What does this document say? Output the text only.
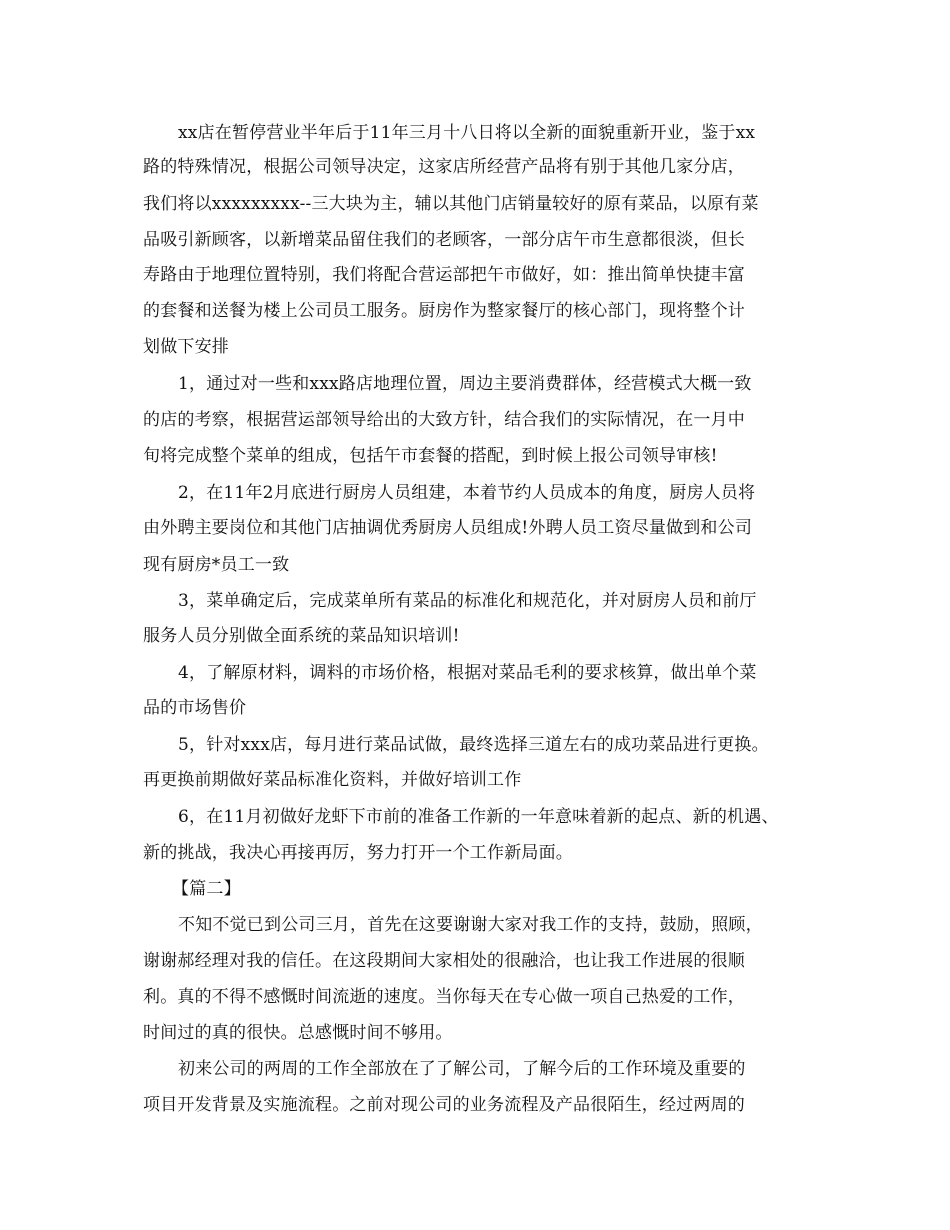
xx店在暂停营业半年后于11年三月十八日将以全新的面貌重新开业，鉴于xx
路的特殊情况，根据公司领导决定，这家店所经营产品将有别于其他几家分店，
我们将以xxxxxxxxx--三大块为主，辅以其他门店销量较好的原有菜品，以原有菜
品吸引新顾客，以新增菜品留住我们的老顾客，一部分店午市生意都很淡，但长
寿路由于地理位置特别，我们将配合营运部把午市做好，如：推出简单快捷丰富
的套餐和送餐为楼上公司员工服务。厨房作为整家餐厅的核心部门，现将整个计
划做下安排
1，通过对一些和xxx路店地理位置，周边主要消费群体，经营模式大概一致
的店的考察，根据营运部领导给出的大致方针，结合我们的实际情况，在一月中
旬将完成整个菜单的组成，包括午市套餐的搭配，到时候上报公司领导审核!
2，在11年2月底进行厨房人员组建，本着节约人员成本的角度，厨房人员将
由外聘主要岗位和其他门店抽调优秀厨房人员组成!外聘人员工资尽量做到和公司
现有厨房*员工一致
3，菜单确定后，完成菜单所有菜品的标准化和规范化，并对厨房人员和前厅
服务人员分别做全面系统的菜品知识培训!
4，了解原材料，调料的市场价格，根据对菜品毛利的要求核算，做出单个菜
品的市场售价
5，针对xxx店，每月进行菜品试做，最终选择三道左右的成功菜品进行更换。
再更换前期做好菜品标准化资料，并做好培训工作
6，在11月初做好龙虾下市前的准备工作新的一年意味着新的起点、新的机遇、
新的挑战，我决心再接再厉，努力打开一个工作新局面。
【篇二】
不知不觉已到公司三月，首先在这要谢谢大家对我工作的支持，鼓励，照顾，
谢谢郝经理对我的信任。在这段期间大家相处的很融洽，也让我工作进展的很顺
利。真的不得不感慨时间流逝的速度。当你每天在专心做一项自己热爱的工作，
时间过的真的很快。总感慨时间不够用。
初来公司的两周的工作全部放在了了解公司，了解今后的工作环境及重要的
项目开发背景及实施流程。之前对现公司的业务流程及产品很陌生，经过两周的
